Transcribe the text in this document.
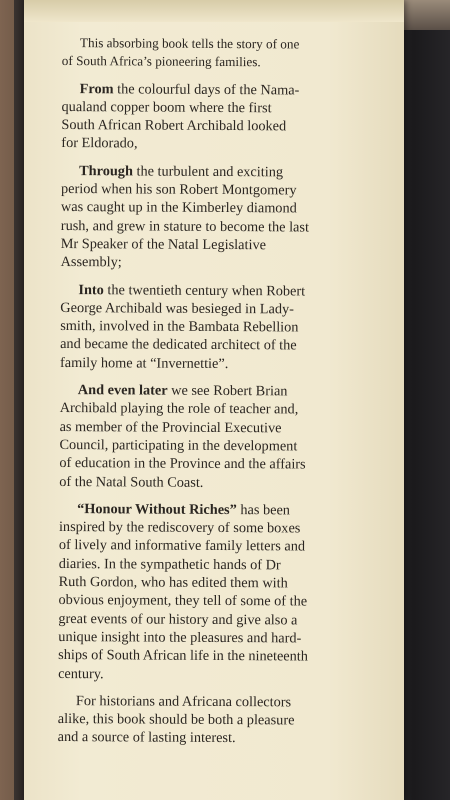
This absorbing book tells the story of one
of South Africa’s pioneering families.

From the colourful days of the Nama-
qualand copper boom where the first
South African Robert Archibald looked
for Eldorado,

Through the turbulent and exciting
period when his son Robert Montgomery
was caught up in the Kimberley diamond
rush, and grew in stature to become the last
Mr Speaker of the Natal Legislative
Assembly;

Into the twentieth century when Robert
George Archibald was besieged in Lady-
smith, involved in the Bambata Rebellion
and became the dedicated architect of the
family home at “Invernettie”.

And even later we see Robert Brian
Archibald playing the role of teacher and,
as member of the Provincial Executive
Council, participating in the development
of education in the Province and the affairs
of the Natal South Coast.

“Honour Without Riches” has been
inspired by the rediscovery of some boxes
of lively and informative family letters and
diaries. In the sympathetic hands of Dr
Ruth Gordon, who has edited them with
obvious enjoyment, they tell of some of the
great events of our history and give also a
unique insight into the pleasures and hard-
ships of South African life in the nineteenth
century.

For historians and Africana collectors
alike, this book should be both a pleasure
and a source of lasting interest.
